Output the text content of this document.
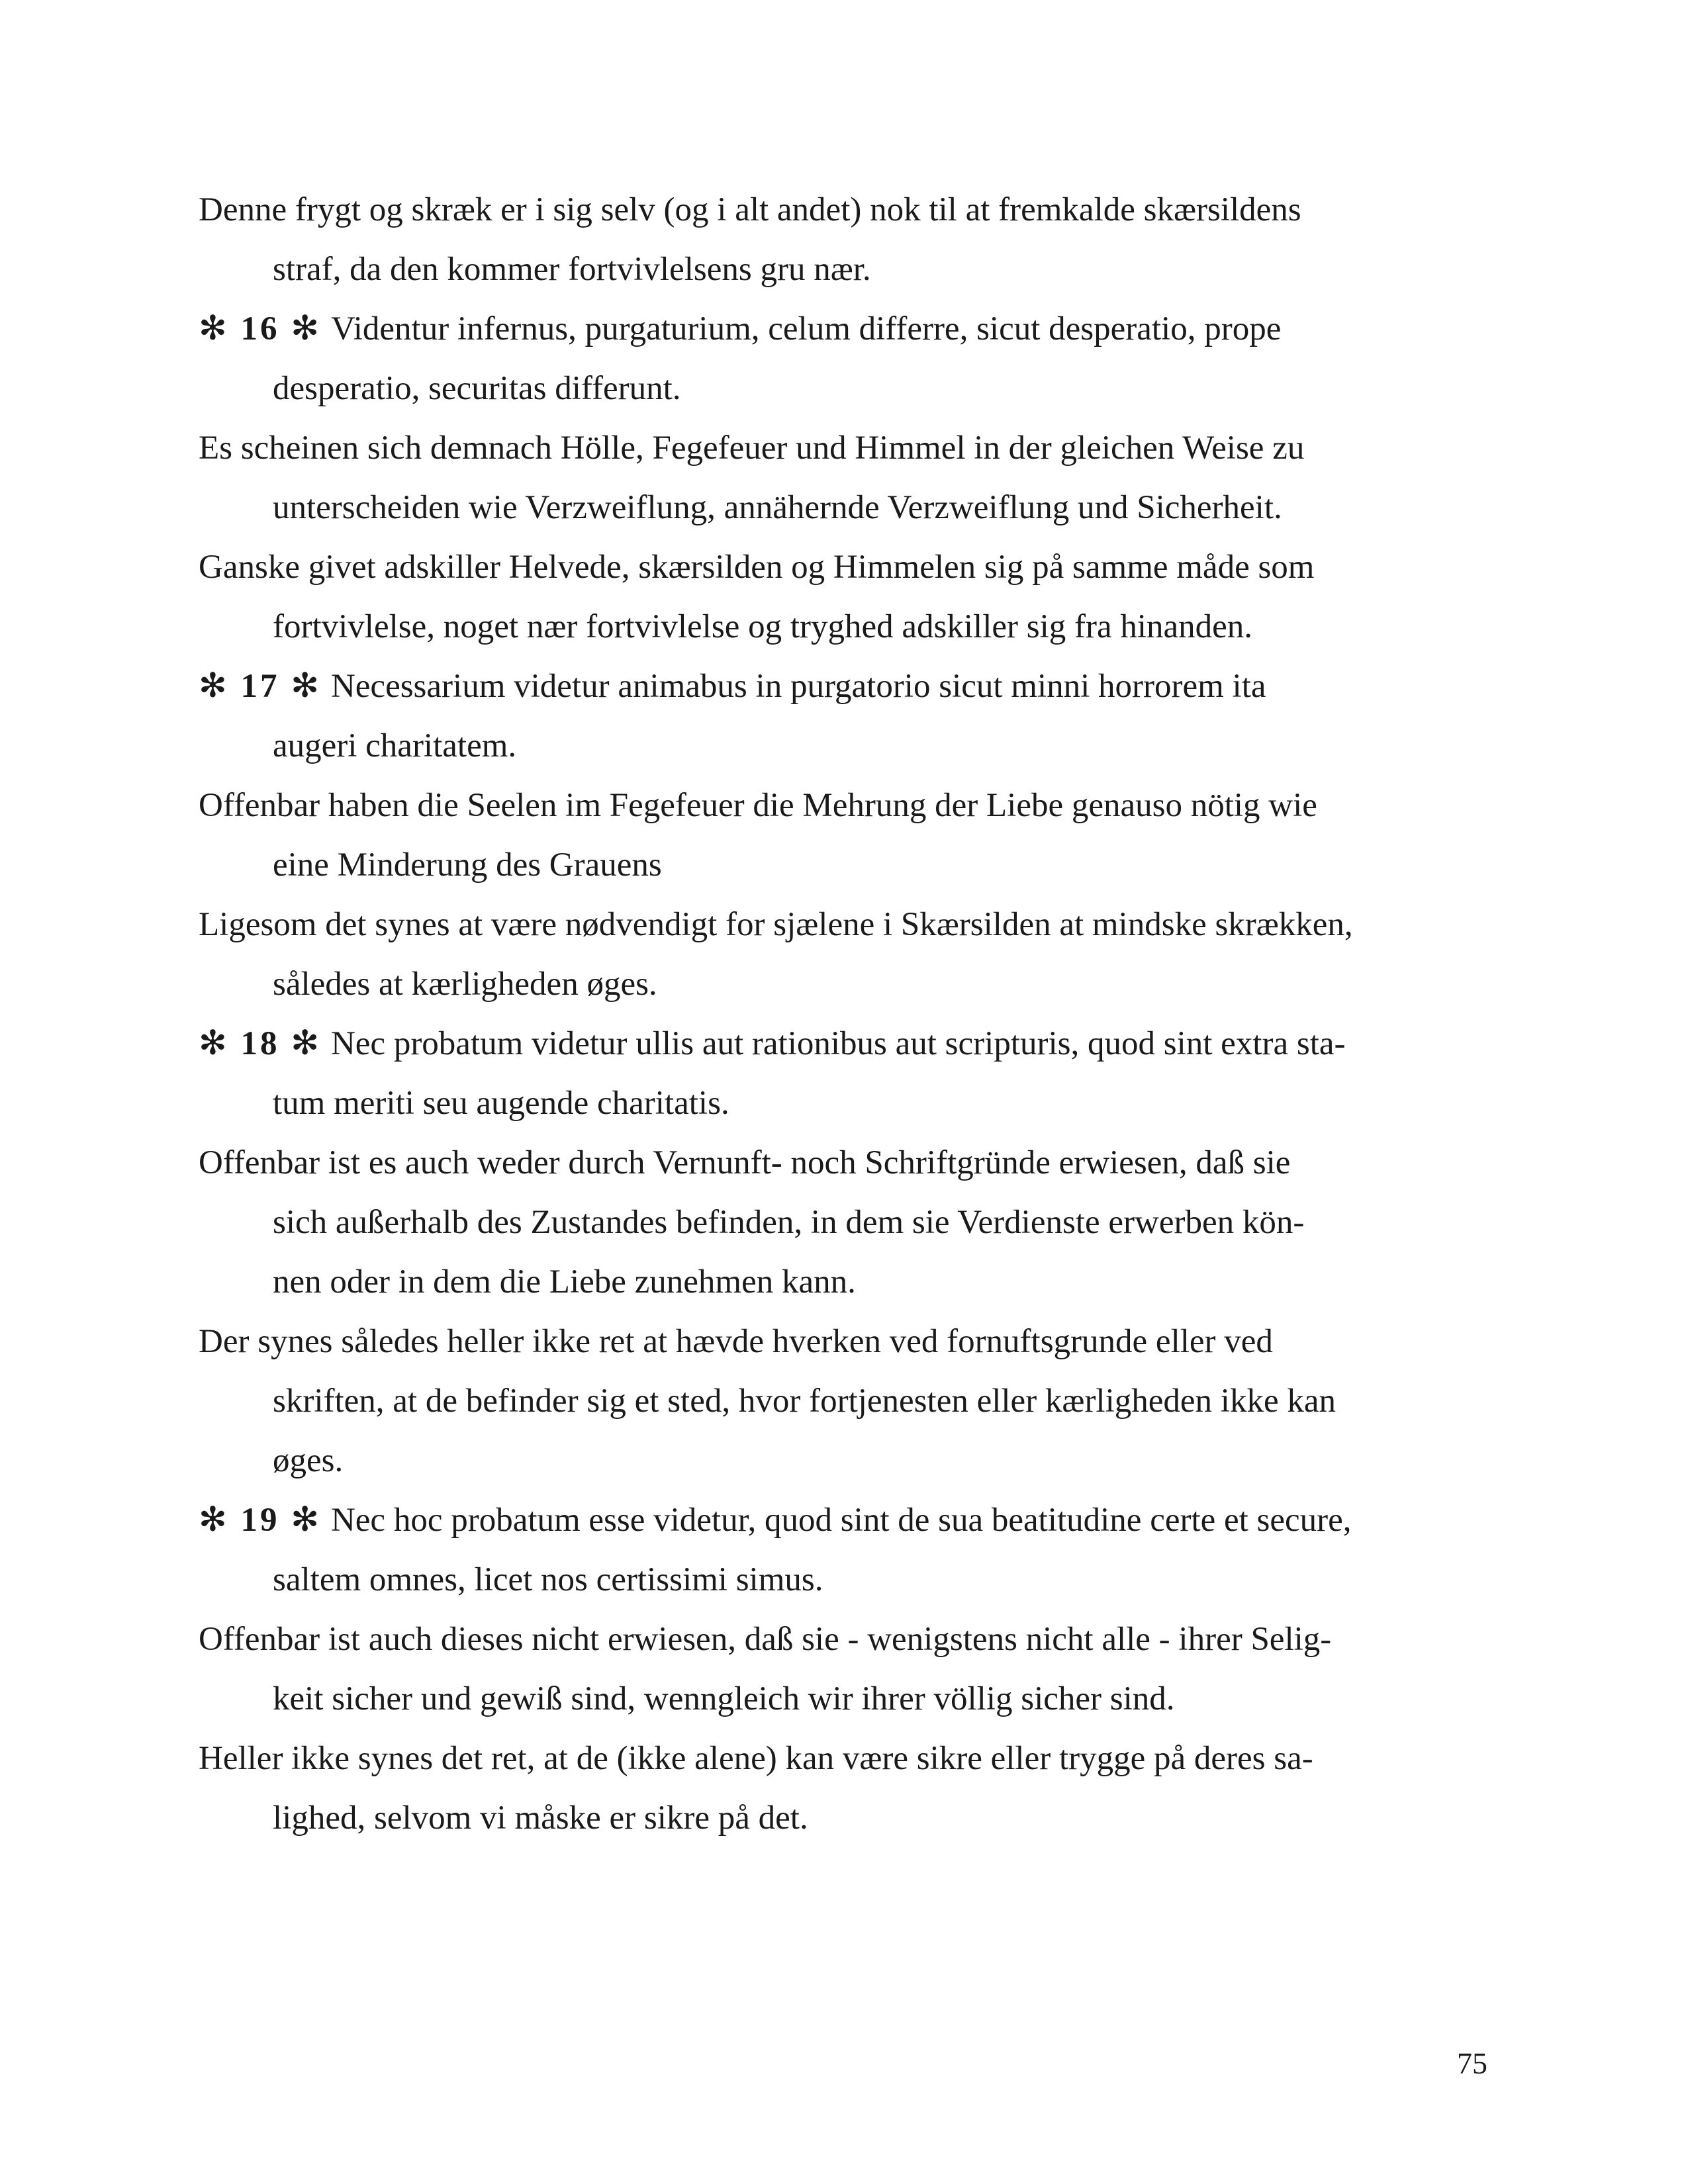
Denne frygt og skræk er i sig selv (og i alt andet) nok til at fremkalde skærsildens
straf, da den kommer fortvivlelsens gru nær.
✻ 16 ✻ Videntur infernus, purgaturium, celum differre, sicut desperatio, prope
desperatio, securitas differunt.
Es scheinen sich demnach Hölle, Fegefeuer und Himmel in der gleichen Weise zu
unterscheiden wie Verzweiflung, annähernde Verzweiflung und Sicherheit.
Ganske givet adskiller Helvede, skærsilden og Himmelen sig på samme måde som
fortvivlelse, noget nær fortvivlelse og tryghed adskiller sig fra hinanden.
✻ 17 ✻ Necessarium videtur animabus in purgatorio sicut minni horrorem ita
augeri charitatem.
Offenbar haben die Seelen im Fegefeuer die Mehrung der Liebe genauso nötig wie
eine Minderung des Grauens
Ligesom det synes at være nødvendigt for sjælene i Skærsilden at mindske skrækken,
således at kærligheden øges.
✻ 18 ✻ Nec probatum videtur ullis aut rationibus aut scripturis, quod sint extra sta-
tum meriti seu augende charitatis.
Offenbar ist es auch weder durch Vernunft- noch Schriftgründe erwiesen, daß sie
sich außerhalb des Zustandes befinden, in dem sie Verdienste erwerben kön-
nen oder in dem die Liebe zunehmen kann.
Der synes således heller ikke ret at hævde hverken ved fornuftsgrunde eller ved
skriften, at de befinder sig et sted, hvor fortjenesten eller kærligheden ikke kan
øges.
✻ 19 ✻ Nec hoc probatum esse videtur, quod sint de sua beatitudine certe et secure,
saltem omnes, licet nos certissimi simus.
Offenbar ist auch dieses nicht erwiesen, daß sie - wenigstens nicht alle - ihrer Selig-
keit sicher und gewiß sind, wenngleich wir ihrer völlig sicher sind.
Heller ikke synes det ret, at de (ikke alene) kan være sikre eller trygge på deres sa-
lighed, selvom vi måske er sikre på det.
75
